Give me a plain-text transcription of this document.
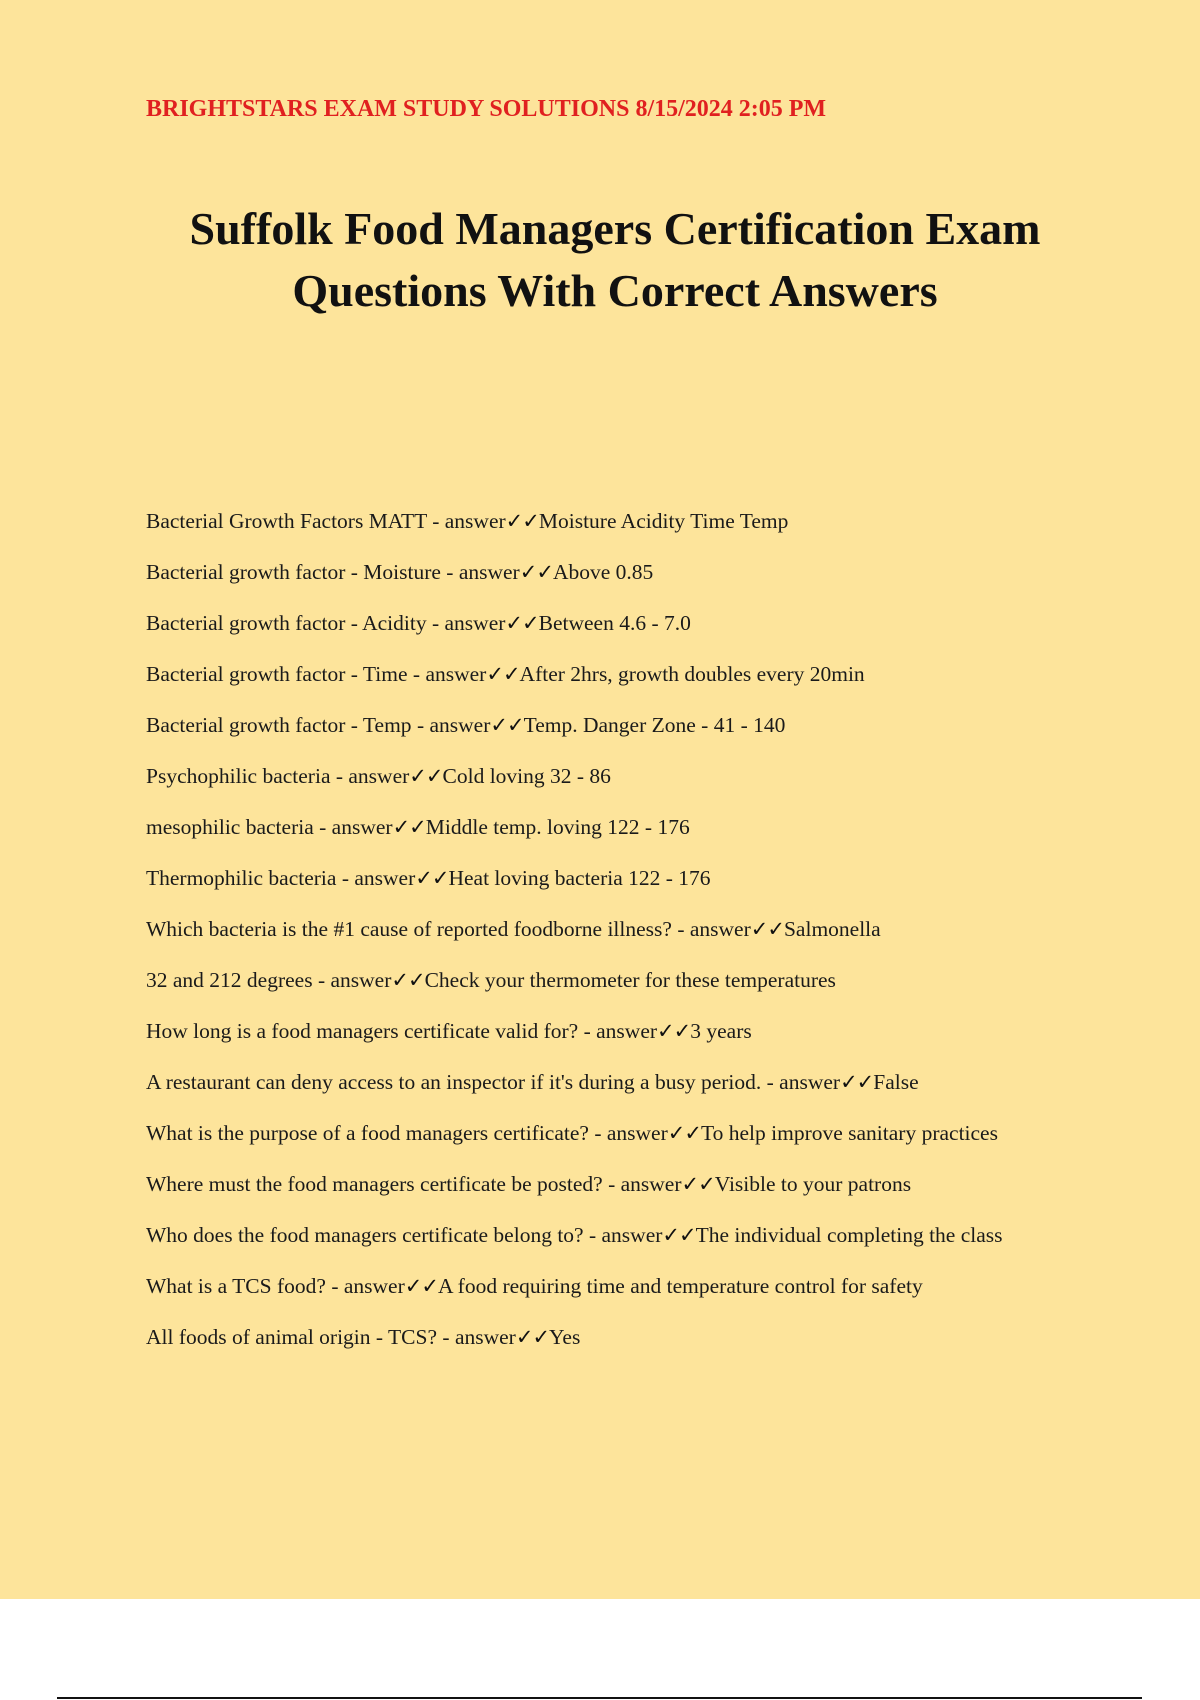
BRIGHTSTARS EXAM STUDY SOLUTIONS 8/15/2024 2:05 PM
Suffolk Food Managers Certification Exam Questions With Correct Answers
Bacterial Growth Factors MATT - answer✓✓Moisture Acidity Time Temp
Bacterial growth factor - Moisture - answer✓✓Above 0.85
Bacterial growth factor - Acidity - answer✓✓Between 4.6 - 7.0
Bacterial growth factor - Time - answer✓✓After 2hrs, growth doubles every 20min
Bacterial growth factor - Temp - answer✓✓Temp. Danger Zone - 41 - 140
Psychophilic bacteria - answer✓✓Cold loving 32 - 86
mesophilic bacteria - answer✓✓Middle temp. loving 122 - 176
Thermophilic bacteria - answer✓✓Heat loving bacteria 122 - 176
Which bacteria is the #1 cause of reported foodborne illness? - answer✓✓Salmonella
32 and 212 degrees - answer✓✓Check your thermometer for these temperatures
How long is a food managers certificate valid for? - answer✓✓3 years
A restaurant can deny access to an inspector if it's during a busy period. - answer✓✓False
What is the purpose of a food managers certificate? - answer✓✓To help improve sanitary practices
Where must the food managers certificate be posted? - answer✓✓Visible to your patrons
Who does the food managers certificate belong to? - answer✓✓The individual completing the class
What is a TCS food? - answer✓✓A food requiring time and temperature control for safety
All foods of animal origin - TCS? - answer✓✓Yes
